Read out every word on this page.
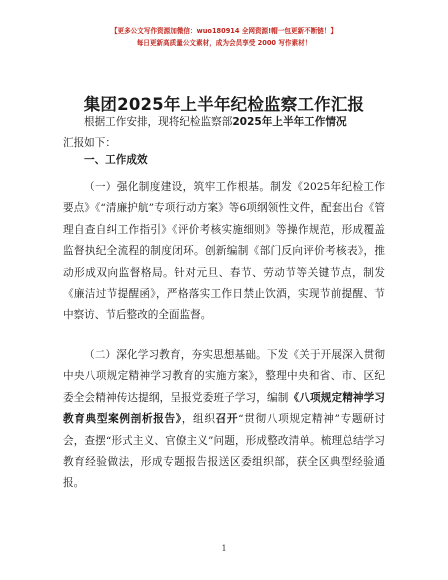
【更多公文写作资源加微信：wuo180914 全网资源!帽一包更新不断链！】
每日更新高质量公文素材，成为会员享受 2000 写作素材！
集团2025年上半年纪检监察工作汇报
根据工作安排，现将纪检监察部2025年上半年工作情况
汇报如下：
一、工作成效
（一）强化制度建设，筑牢工作根基。制发《2025年纪检工作要点》《“清廉护航”专项行动方案》等6项纲领性文件，配套出台《管理自查自纠工作指引》《评价考核实施细则》等操作规范，形成覆盖监督执纪全流程的制度闭环。创新编制《部门反向评价考核表》，推动形成双向监督格局。针对元旦、春节、劳动节等关键节点，制发《廉洁过节提醒函》，严格落实工作日禁止饮酒，实现节前提醒、节中察访、节后整改的全面监督。
（二）深化学习教育，夯实思想基础。下发《关于开展深入贯彻中央八项规定精神学习教育的实施方案》，整理中央和省、市、区纪委全会精神传达提纲，呈报党委班子学习，编制《八项规定精神学习教育典型案例剖析报告》，组织召开“贯彻八项规定精神”专题研讨会，查摆“形式主义、官僚主义”问题，形成整改清单。梳理总结学习教育经验做法，形成专题报告报送区委组织部，获全区典型经验通报。
1
